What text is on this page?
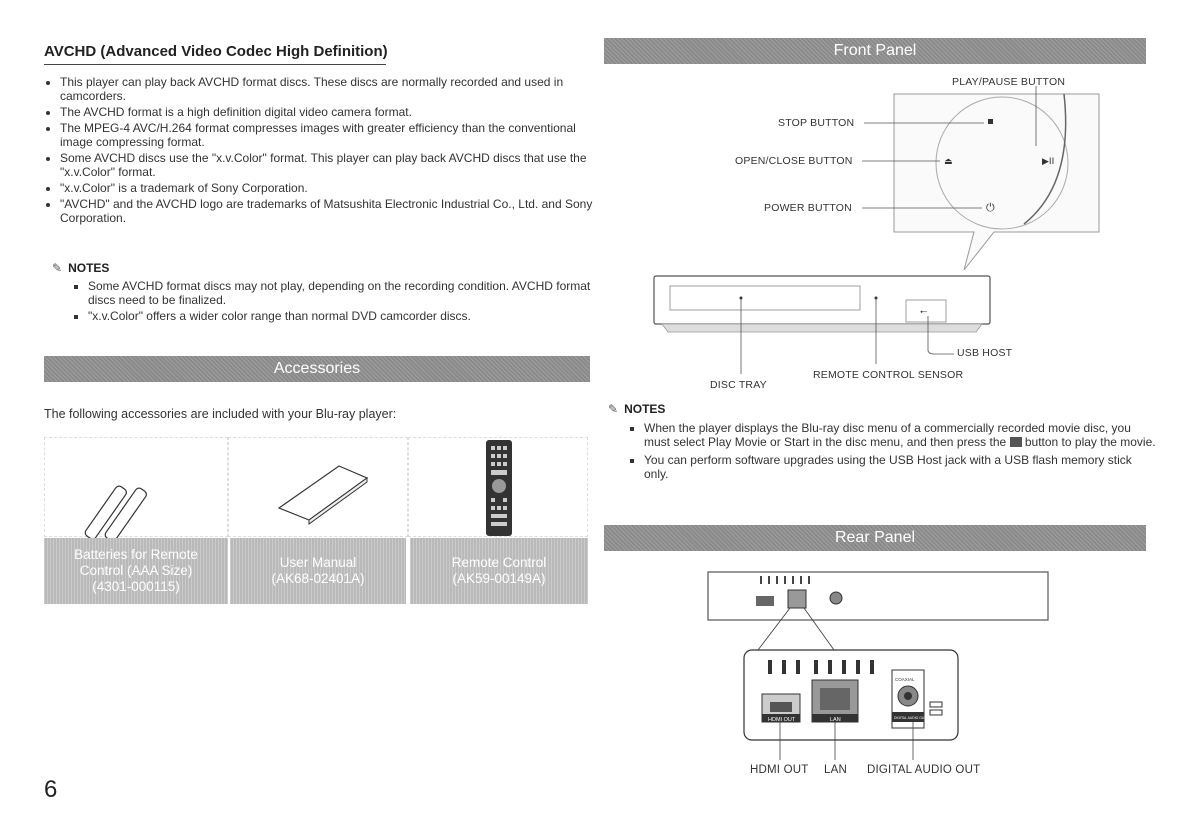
AVCHD (Advanced Video Codec High Definition)
• This player can play back AVCHD format discs. These discs are normally recorded and used in camcorders.
• The AVCHD format is a high definition digital video camera format.
• The MPEG-4 AVC/H.264 format compresses images with greater efficiency than the conventional image compressing format.
• Some AVCHD discs use the "x.v.Color" format. This player can play back AVCHD discs that use the "x.v.Color" format.
• "x.v.Color" is a trademark of Sony Corporation.
• "AVCHD" and the AVCHD logo are trademarks of Matsushita Electronic Industrial Co., Ltd. and Sony Corporation.
✎ NOTES
▪ Some AVCHD format discs may not play, depending on the recording condition. AVCHD format discs need to be finalized.
▪ "x.v.Color" offers a wider color range than normal DVD camcorder discs.
Accessories
The following accessories are included with your Blu-ray player:
Batteries for Remote
Control (AAA Size)
(4301-000115)
User Manual
(AK68-02401A)
Remote Control
(AK59-00149A)
6
Front Panel
⏏	▶II
⏻
⭠
PLAY/PAUSE BUTTON
STOP BUTTON
OPEN/CLOSE BUTTON
POWER BUTTON
USB HOST
REMOTE CONTROL SENSOR
DISC TRAY
✎ NOTES
▪ When the player displays the Blu-ray disc menu of a commercially recorded movie disc, you must select Play Movie or Start in the disc menu, and then press the  button to play the movie.
▪ You can perform software upgrades using the USB Host jack with a USB flash memory stick only.
Rear Panel
HDMI OUT	LAN
COAXIAL
DIGITAL AUDIO OUT
HDMI OUT LAN DIGITAL AUDIO OUT
